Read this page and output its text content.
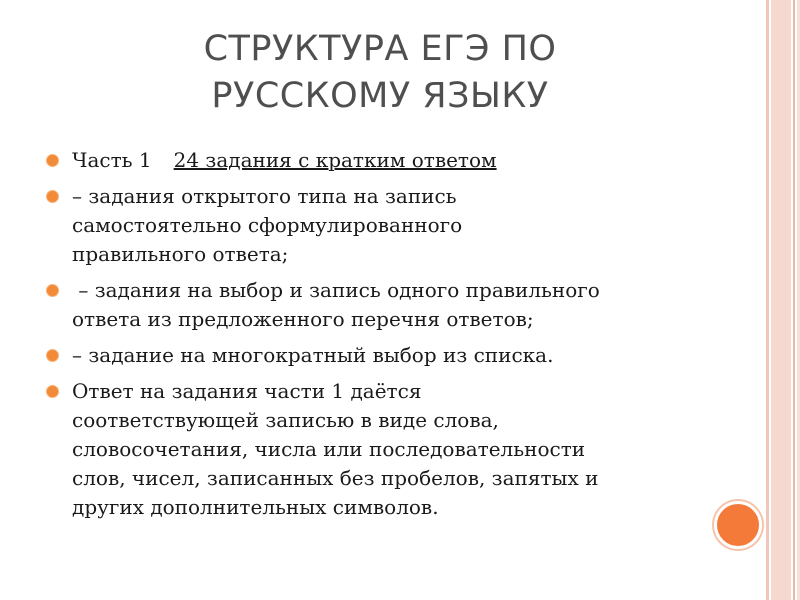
СТРУКТУРА ЕГЭ ПО
РУССКОМУ ЯЗЫКУ
Часть 1 24 задания с кратким ответом
– задания открытого типа на запись
самостоятельно сформулированного
правильного ответа;
– задания на выбор и запись одного правильного
ответа из предложенного перечня ответов;
– задание на многократный выбор из списка.
Ответ на задания части 1 даётся
соответствующей записью в виде слова,
словосочетания, числа или последовательности
слов, чисел, записанных без пробелов, запятых и
других дополнительных символов.
